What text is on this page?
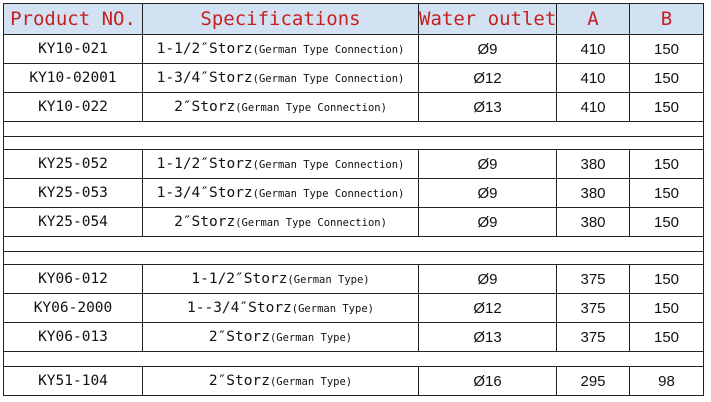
Product NO.	Specifications	Water outlet	A	B
KY10-021	1-1/2″Storz(German Type Connection)	Ø9	410	150
KY10-02001	1-3/4″Storz(German Type Connection)	Ø12	410	150
KY10-022	2″Storz(German Type Connection)	Ø13	410	150

KY25-052	1-1/2″Storz(German Type Connection)	Ø9	380	150
KY25-053	1-3/4″Storz(German Type Connection)	Ø9	380	150
KY25-054	2″Storz(German Type Connection)	Ø9	380	150

KY06-012	1-1/2″Storz(German Type)	Ø9	375	150
KY06-2000	1--3/4″Storz(German Type)	Ø12	375	150
KY06-013	2″Storz(German Type)	Ø13	375	150

KY51-104	2″Storz(German Type)	Ø16	295	98
